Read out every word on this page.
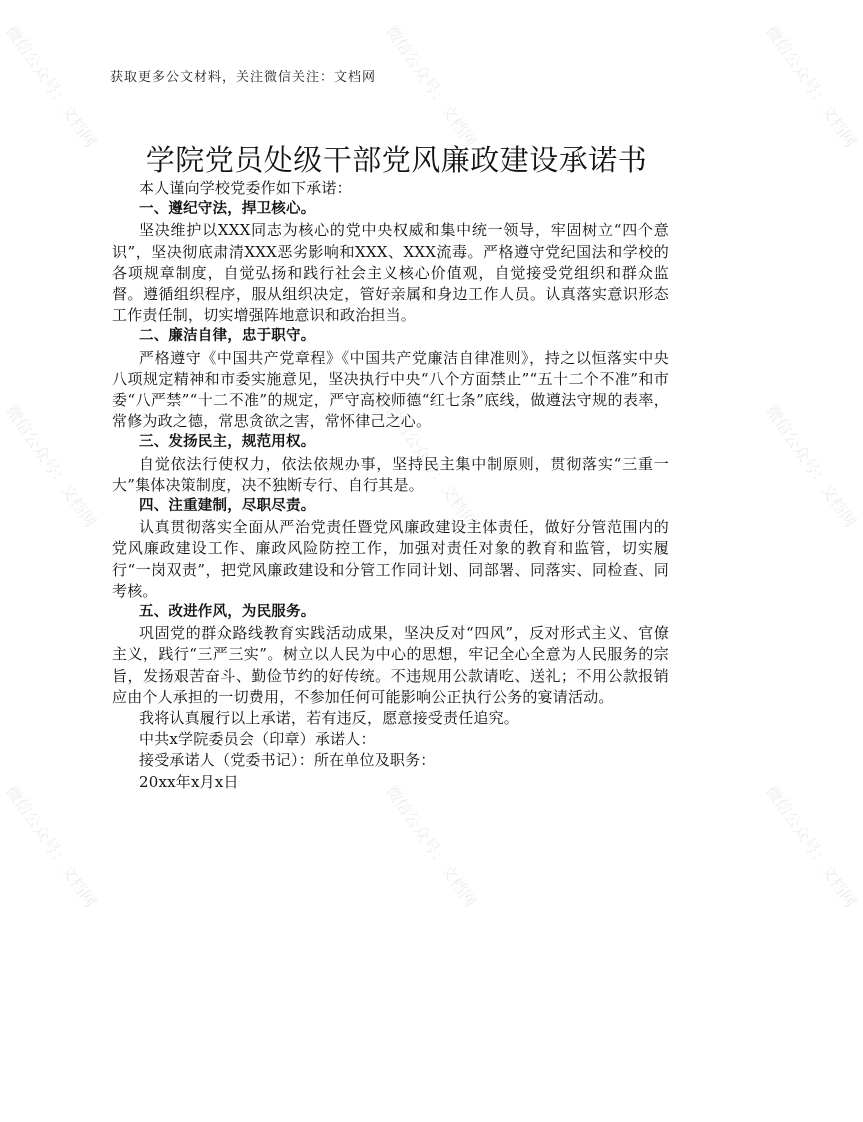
微信公众号：文档网	微信公众号：文档网	微信公众号：文档网
微信公众号：文档网	微信公众号：文档网	微信公众号：文档网
微信公众号：文档网	微信公众号：文档网	微信公众号：文档网
获取更多公文材料，关注微信关注：文档网
学院党员处级干部党风廉政建设承诺书

本人谨向学校党委作如下承诺：

一、遵纪守法，捍卫核心。

坚决维护以XXX同志为核心的党中央权威和集中统一领导，牢固树立“四个意识”，坚决彻底肃清XXX恶劣影响和XXX、XXX流毒。严格遵守党纪国法和学校的各项规章制度，自觉弘扬和践行社会主义核心价值观，自觉接受党组织和群众监督。遵循组织程序，服从组织决定，管好亲属和身边工作人员。认真落实意识形态工作责任制，切实增强阵地意识和政治担当。

二、廉洁自律，忠于职守。

严格遵守《中国共产党章程》《中国共产党廉洁自律准则》，持之以恒落实中央八项规定精神和市委实施意见，坚决执行中央“八个方面禁止”“五十二个不准”和市委“八严禁”“十二不准”的规定，严守高校师德“红七条”底线，做遵法守规的表率，常修为政之德，常思贪欲之害，常怀律己之心。

三、发扬民主，规范用权。

自觉依法行使权力，依法依规办事，坚持民主集中制原则，贯彻落实“三重一大”集体决策制度，决不独断专行、自行其是。

四、注重建制，尽职尽责。

认真贯彻落实全面从严治党责任暨党风廉政建设主体责任，做好分管范围内的党风廉政建设工作、廉政风险防控工作，加强对责任对象的教育和监管，切实履行“一岗双责”，把党风廉政建设和分管工作同计划、同部署、同落实、同检查、同考核。

五、改进作风，为民服务。

巩固党的群众路线教育实践活动成果，坚决反对“四风”，反对形式主义、官僚主义，践行“三严三实”。树立以人民为中心的思想，牢记全心全意为人民服务的宗旨，发扬艰苦奋斗、勤俭节约的好传统。不违规用公款请吃、送礼；不用公款报销应由个人承担的一切费用，不参加任何可能影响公正执行公务的宴请活动。

我将认真履行以上承诺，若有违反，愿意接受责任追究。

中共x学院委员会（印章）承诺人：

接受承诺人（党委书记）：所在单位及职务：

20xx年x月x日
